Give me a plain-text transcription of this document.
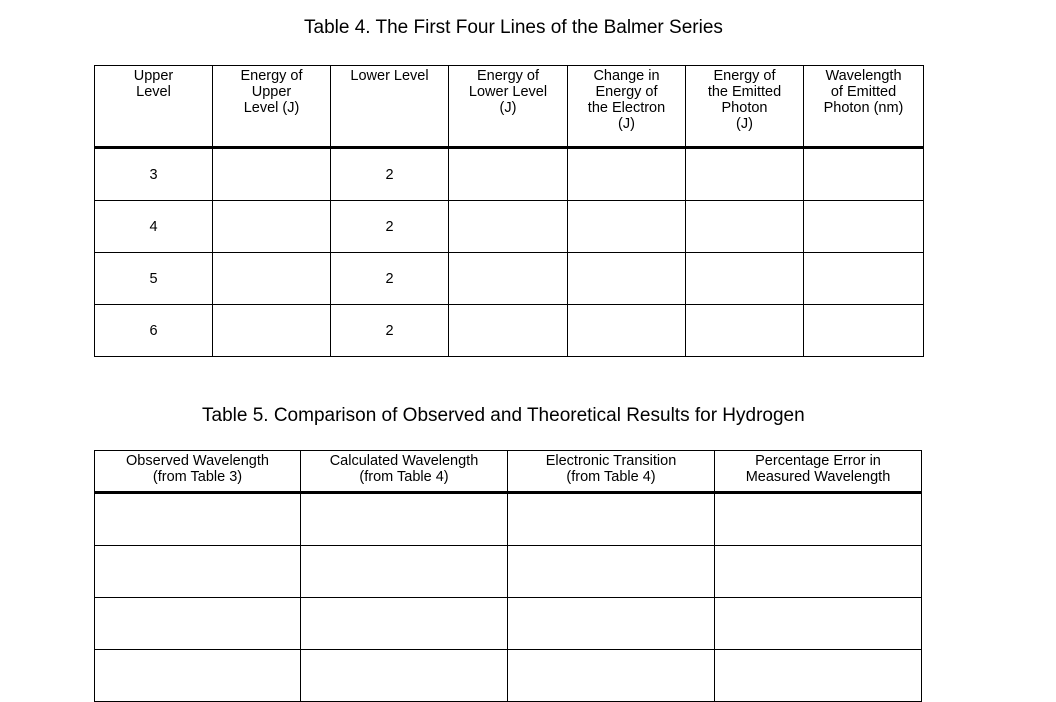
Table 4. The First Four Lines of the Balmer Series
Upper
Level	Energy of
Upper
Level (J)	Lower Level	Energy of
Lower Level
(J)	Change in
Energy of
the Electron
(J)	Energy of
the Emitted
Photon
(J)	Wavelength
of Emitted
Photon (nm)

3		2				
4		2				
5		2				
6		2				
Table 5. Comparison of Observed and Theoretical Results for Hydrogen
Observed Wavelength
(from Table 3)	Calculated Wavelength
(from Table 4)	Electronic Transition
(from Table 4)	Percentage Error in
Measured Wavelength
